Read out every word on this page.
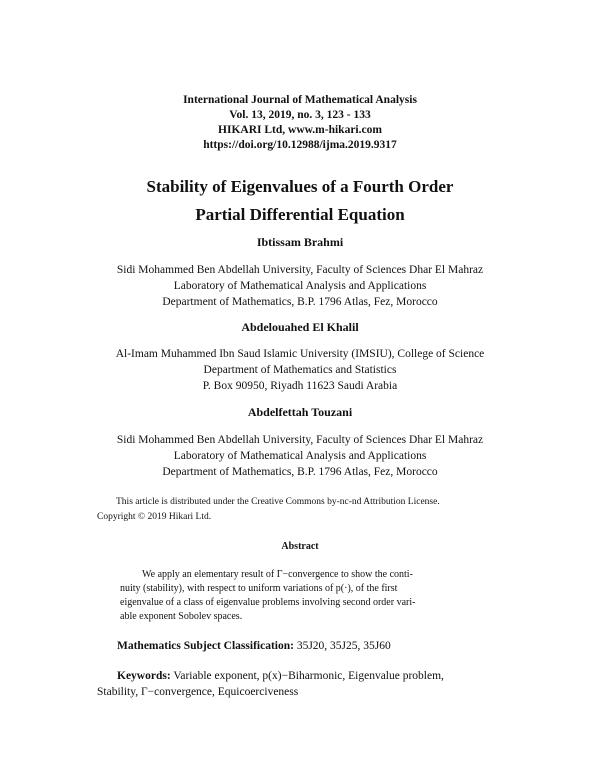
International Journal of Mathematical Analysis
Vol. 13, 2019, no. 3, 123 - 133
HIKARI Ltd, www.m-hikari.com
https://doi.org/10.12988/ijma.2019.9317
Stability of Eigenvalues of a Fourth Order
Partial Differential Equation
Ibtissam Brahmi
Sidi Mohammed Ben Abdellah University, Faculty of Sciences Dhar El Mahraz
Laboratory of Mathematical Analysis and Applications
Department of Mathematics, B.P. 1796 Atlas, Fez, Morocco
Abdelouahed El Khalil
Al-Imam Muhammed Ibn Saud Islamic University (IMSIU), College of Science
Department of Mathematics and Statistics
P. Box 90950, Riyadh 11623 Saudi Arabia
Abdelfettah Touzani
Sidi Mohammed Ben Abdellah University, Faculty of Sciences Dhar El Mahraz
Laboratory of Mathematical Analysis and Applications
Department of Mathematics, B.P. 1796 Atlas, Fez, Morocco
This article is distributed under the Creative Commons by-nc-nd Attribution License.
Copyright © 2019 Hikari Ltd.
Abstract
We apply an elementary result of Γ−convergence to show the conti-
nuity (stability), with respect to uniform variations of p(·), of the first
eigenvalue of a class of eigenvalue problems involving second order vari-
able exponent Sobolev spaces.
Mathematics Subject Classification: 35J20, 35J25, 35J60
Keywords: Variable exponent, p(x)−Biharmonic, Eigenvalue problem,
Stability, Γ−convergence, Equicoerciveness
